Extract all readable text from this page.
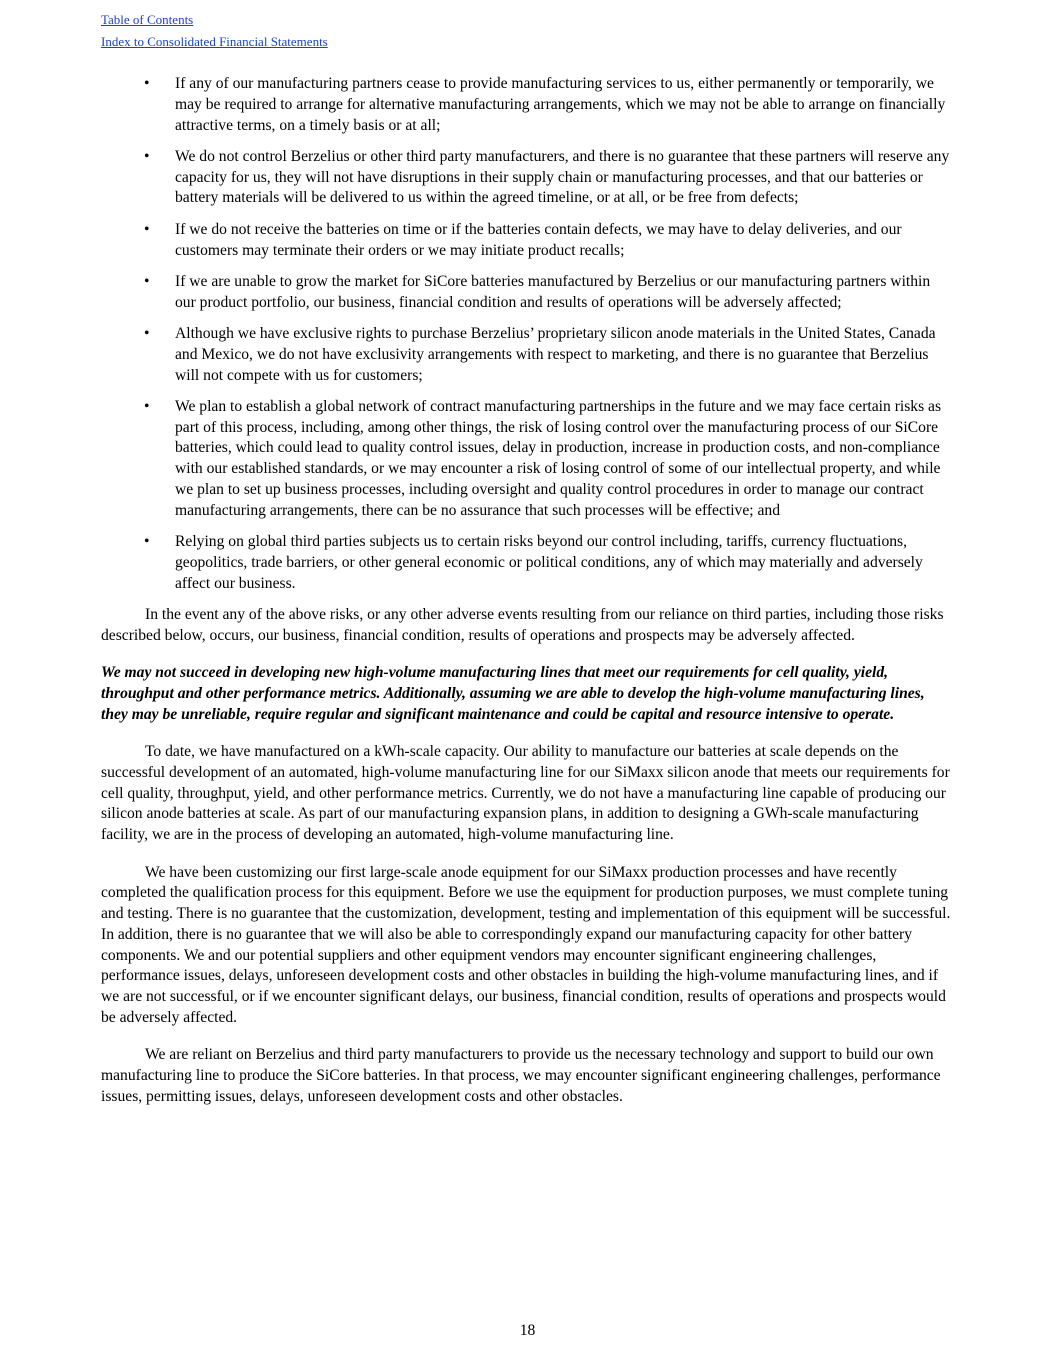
Table of Contents
Index to Consolidated Financial Statements
• If any of our manufacturing partners cease to provide manufacturing services to us, either permanently or temporarily, we may be required to arrange for alternative manufacturing arrangements, which we may not be able to arrange on financially attractive terms, on a timely basis or at all;
• We do not control Berzelius or other third party manufacturers, and there is no guarantee that these partners will reserve any capacity for us, they will not have disruptions in their supply chain or manufacturing processes, and that our batteries or battery materials will be delivered to us within the agreed timeline, or at all, or be free from defects;
• If we do not receive the batteries on time or if the batteries contain defects, we may have to delay deliveries, and our customers may terminate their orders or we may initiate product recalls;
• If we are unable to grow the market for SiCore batteries manufactured by Berzelius or our manufacturing partners within our product portfolio, our business, financial condition and results of operations will be adversely affected;
• Although we have exclusive rights to purchase Berzelius’ proprietary silicon anode materials in the United States, Canada and Mexico, we do not have exclusivity arrangements with respect to marketing, and there is no guarantee that Berzelius will not compete with us for customers;
• We plan to establish a global network of contract manufacturing partnerships in the future and we may face certain risks as part of this process, including, among other things, the risk of losing control over the manufacturing process of our SiCore batteries, which could lead to quality control issues, delay in production, increase in production costs, and non-compliance with our established standards, or we may encounter a risk of losing control of some of our intellectual property, and while we plan to set up business processes, including oversight and quality control procedures in order to manage our contract manufacturing arrangements, there can be no assurance that such processes will be effective; and
• Relying on global third parties subjects us to certain risks beyond our control including, tariffs, currency fluctuations, geopolitics, trade barriers, or other general economic or political conditions, any of which may materially and adversely affect our business.

In the event any of the above risks, or any other adverse events resulting from our reliance on third parties, including those risks described below, occurs, our business, financial condition, results of operations and prospects may be adversely affected.

We may not succeed in developing new high-volume manufacturing lines that meet our requirements for cell quality, yield, throughput and other performance metrics. Additionally, assuming we are able to develop the high-volume manufacturing lines, they may be unreliable, require regular and significant maintenance and could be capital and resource intensive to operate.

To date, we have manufactured on a kWh-scale capacity. Our ability to manufacture our batteries at scale depends on the successful development of an automated, high-volume manufacturing line for our SiMaxx silicon anode that meets our requirements for cell quality, throughput, yield, and other performance metrics. Currently, we do not have a manufacturing line capable of producing our silicon anode batteries at scale. As part of our manufacturing expansion plans, in addition to designing a GWh-scale manufacturing facility, we are in the process of developing an automated, high-volume manufacturing line.

We have been customizing our first large-scale anode equipment for our SiMaxx production processes and have recently completed the qualification process for this equipment. Before we use the equipment for production purposes, we must complete tuning and testing. There is no guarantee that the customization, development, testing and implementation of this equipment will be successful. In addition, there is no guarantee that we will also be able to correspondingly expand our manufacturing capacity for other battery components. We and our potential suppliers and other equipment vendors may encounter significant engineering challenges, performance issues, delays, unforeseen development costs and other obstacles in building the high-volume manufacturing lines, and if we are not successful, or if we encounter significant delays, our business, financial condition, results of operations and prospects would be adversely affected.

We are reliant on Berzelius and third party manufacturers to provide us the necessary technology and support to build our own manufacturing line to produce the SiCore batteries. In that process, we may encounter significant engineering challenges, performance issues, permitting issues, delays, unforeseen development costs and other obstacles.

18
